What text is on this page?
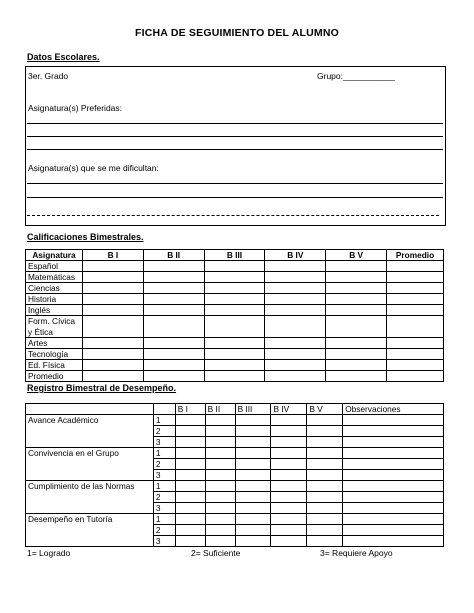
FICHA DE SEGUIMIENTO DEL ALUMNO
Datos Escolares.
3er. Grado	Grupo:___________
Asignatura(s) Preferidas:
Asignatura(s) que se me dificultan:
Calificaciones Bimestrales.
Asignatura	B I	B II	B III	B IV	B V	Promedio
Español						
Matemáticas						
Ciencias						
Historia						
Inglés						
Form. Cívica y Ética						
Artes						
Tecnología						
Ed. Física						
Promedio						
Registro Bimestral de Desempeño.
		B I	B II	B III	B IV	B V	Observaciones
Avance Académico	1						
	2						
	3						
Convivencia en el Grupo	1						
	2						
	3						
Cumplimiento de las Normas	1						
	2						
	3						
Desempeño en Tutoría	1						
	2						
	3						
1= Logrado	2= Suficiente	3= Requiere Apoyo
